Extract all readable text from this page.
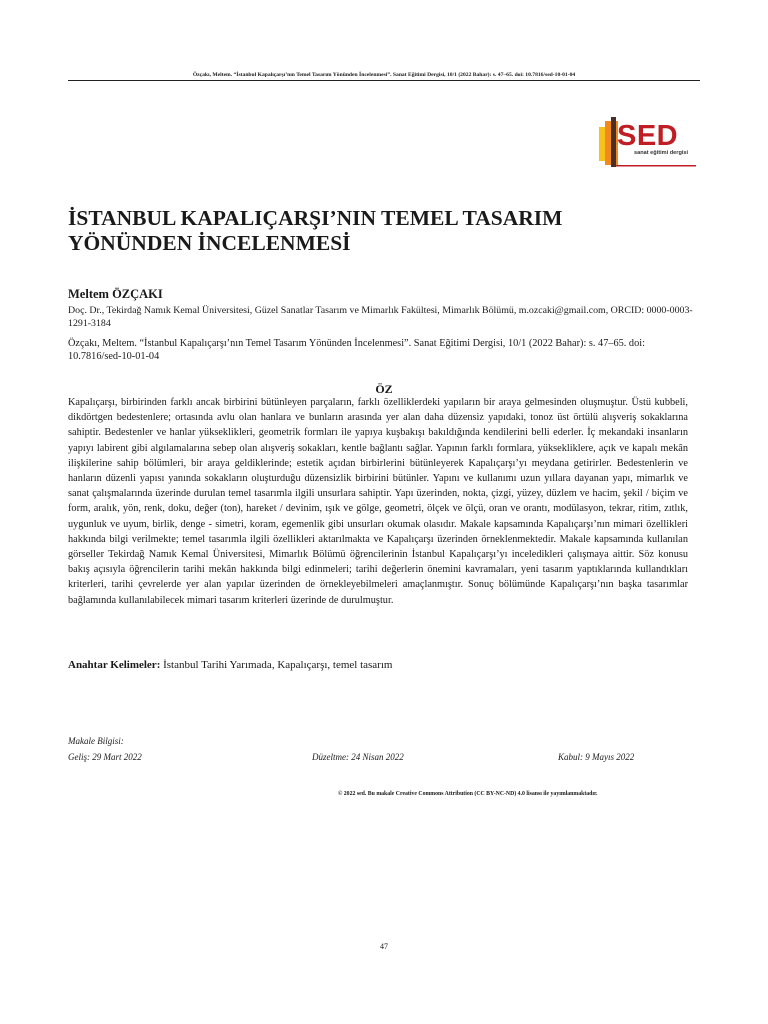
Özçakı, Meltem. “İstanbul Kapalıçarşı’nın Temel Tasarım Yönünden İncelenmesi”. Sanat Eğitimi Dergisi, 10/1 (2022 Bahar): s. 47–65. doi: 10.7816/sed-10-01-04
SED
sanat eğitimi dergisi
İSTANBUL KAPALIÇARŞI’NIN TEMEL TASARIM
YÖNÜNDEN İNCELENMESİ
Meltem ÖZÇAKI
Doç. Dr., Tekirdağ Namık Kemal Üniversitesi, Güzel Sanatlar Tasarım ve Mimarlık Fakültesi, Mimarlık Bölümü, m.ozcaki@gmail.com, ORCID: 0000-0003-1291-3184
Özçakı, Meltem. “İstanbul Kapalıçarşı’nın Temel Tasarım Yönünden İncelenmesi”. Sanat Eğitimi Dergisi, 10/1 (2022 Bahar): s. 47–65. doi: 10.7816/sed-10-01-04
ÖZ

Kapalıçarşı, birbirinden farklı ancak birbirini bütünleyen parçaların, farklı özelliklerdeki yapıların bir araya gelmesinden oluşmuştur. Üstü kubbeli, dikdörtgen bedestenlere; ortasında avlu olan hanlara ve bunların arasında yer alan daha düzensiz yapıdaki, tonoz üst örtülü alışveriş sokaklarına sahiptir. Bedestenler ve hanlar yükseklikleri, geometrik formları ile yapıya kuşbakışı bakıldığında kendilerini belli ederler. İç mekandaki insanların yapıyı labirent gibi algılamalarına sebep olan alışveriş sokakları, kentle bağlantı sağlar. Yapının farklı formlara, yüksekliklere, açık ve kapalı mekân ilişkilerine sahip bölümleri, bir araya geldiklerinde; estetik açıdan birbirlerini bütünleyerek Kapalıçarşı’yı meydana getirirler. Bedestenlerin ve hanların düzenli yapısı yanında sokakların oluşturduğu düzensizlik birbirini bütünler. Yapını ve kullanımı uzun yıllara dayanan yapı, mimarlık ve sanat çalışmalarında üzerinde durulan temel tasarımla ilgili unsurlara sahiptir. Yapı üzerinden, nokta, çizgi, yüzey, düzlem ve hacim, şekil / biçim ve form, aralık, yön, renk, doku, değer (ton), hareket / devinim, ışık ve gölge, geometri, ölçek ve ölçü, oran ve orantı, modülasyon, tekrar, ritim, zıtlık, uygunluk ve uyum, birlik, denge - simetri, koram, egemenlik gibi unsurları okumak olasıdır. Makale kapsamında Kapalıçarşı’nın mimari özellikleri hakkında bilgi verilmekte; temel tasarımla ilgili özellikleri aktarılmakta ve Kapalıçarşı üzerinden örneklenmektedir. Makale kapsamında kullanılan görseller Tekirdağ Namık Kemal Üniversitesi, Mimarlık Bölümü öğrencilerinin İstanbul Kapalıçarşı’yı inceledikleri çalışmaya aittir. Söz konusu bakış açısıyla öğrencilerin tarihi mekân hakkında bilgi edinmeleri; tarihi değerlerin önemini kavramaları, yeni tasarım yaptıklarında kullandıkları kriterleri, tarihi çevrelerde yer alan yapılar üzerinden de örnekleyebilmeleri amaçlanmıştır. Sonuç bölümünde Kapalıçarşı’nın başka tasarımlar bağlamında kullanılabilecek mimari tasarım kriterleri üzerinde de durulmuştur.

Anahtar Kelimeler: İstanbul Tarihi Yarımada, Kapalıçarşı, temel tasarım
Makale Bilgisi:
Geliş: 29 Mart 2022	Düzeltme: 24 Nisan 2022	Kabul: 9 Mayıs 2022
© 2022 sed. Bu makale Creative Commons Attribution (CC BY-NC-ND) 4.0 lisansı ile yayımlanmaktadır.
47
